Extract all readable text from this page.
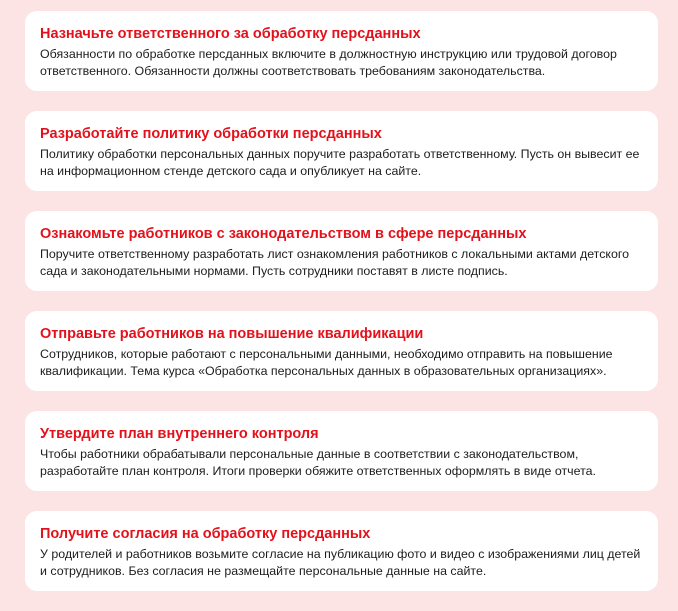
Назначьте ответственного за обработку персданных
Обязанности по обработке персданных включите в должностную инструкцию или трудовой договор ответственного. Обязанности должны соответствовать требованиям законодательства.
Разработайте политику обработки персданных
Политику обработки персональных данных поручите разработать ответственному. Пусть он вывесит ее на информационном стенде детского сада и опубликует на сайте.
Ознакомьте работников с законодательством в сфере персданных
Поручите ответственному разработать лист ознакомления работников с локальными актами детского сада и законодательными нормами. Пусть сотрудники поставят в листе подпись.
Отправьте работников на повышение квалификации
Сотрудников, которые работают с персональными данными, необходимо отправить на повышение квалификации. Тема курса «Обработка персональных данных в образовательных организациях».
Утвердите план внутреннего контроля
Чтобы работники обрабатывали персональные данные в соответствии с законодательством, разработайте план контроля. Итоги проверки обяжите ответственных оформлять в виде отчета.
Получите согласия на обработку персданных
У родителей и работников возьмите согласие на публикацию фото и видео с изображениями лиц детей и сотрудников. Без согласия не размещайте персональные данные на сайте.
